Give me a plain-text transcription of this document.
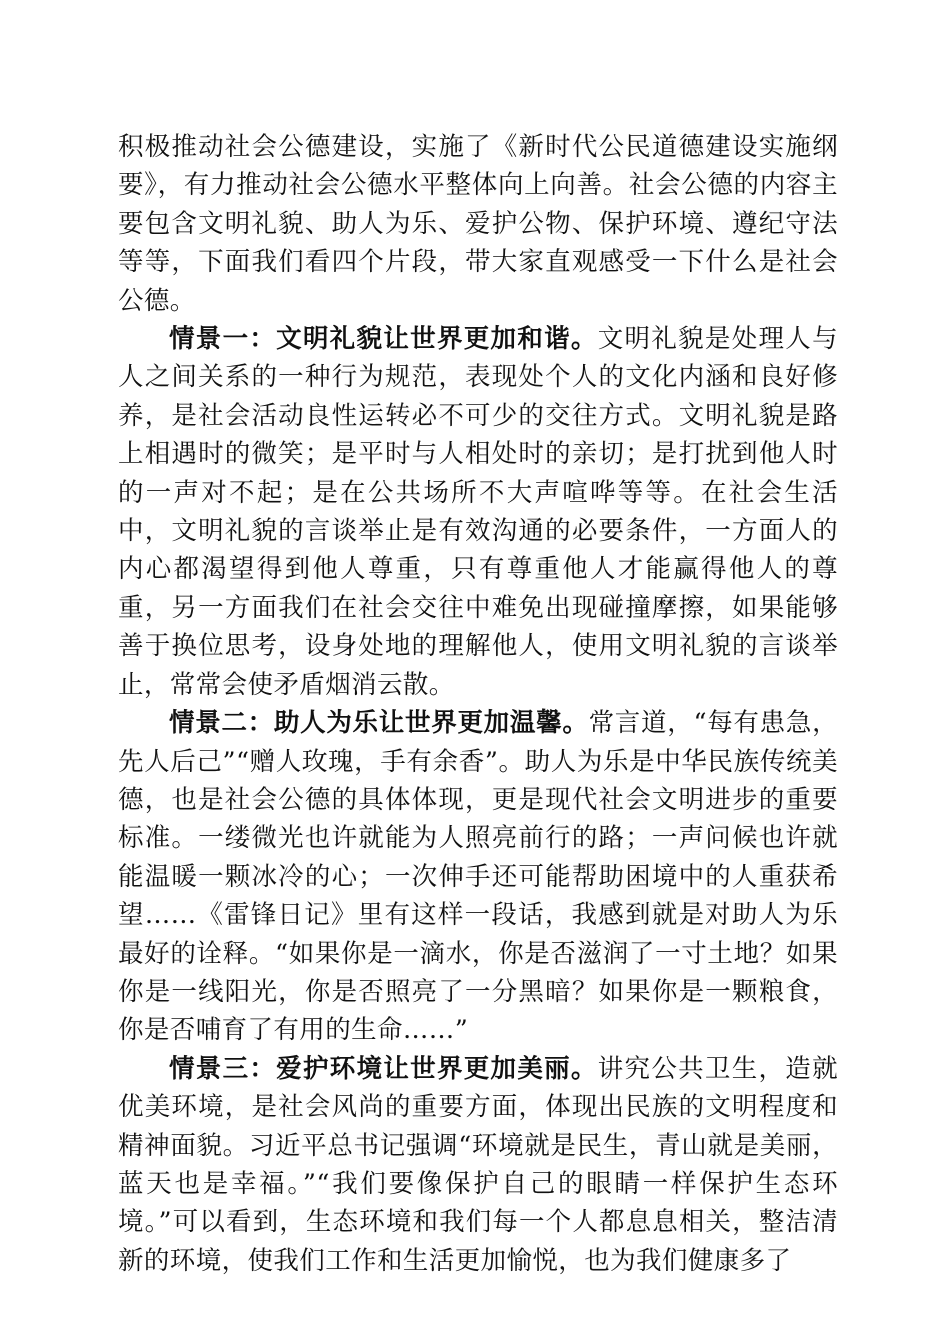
积极推动社会公德建设，实施了《新时代公民道德建设实施纲要》，有力推动社会公德水平整体向上向善。社会公德的内容主要包含文明礼貌、助人为乐、爱护公物、保护环境、遵纪守法等等，下面我们看四个片段，带大家直观感受一下什么是社会公德。

情景一：文明礼貌让世界更加和谐。文明礼貌是处理人与人之间关系的一种行为规范，表现处个人的文化内涵和良好修养，是社会活动良性运转必不可少的交往方式。文明礼貌是路上相遇时的微笑；是平时与人相处时的亲切；是打扰到他人时的一声对不起；是在公共场所不大声喧哗等等。在社会生活中，文明礼貌的言谈举止是有效沟通的必要条件，一方面人的内心都渴望得到他人尊重，只有尊重他人才能赢得他人的尊重，另一方面我们在社会交往中难免出现碰撞摩擦，如果能够善于换位思考，设身处地的理解他人，使用文明礼貌的言谈举止，常常会使矛盾烟消云散。

情景二：助人为乐让世界更加温馨。常言道，“每有患急，先人后己”“赠人玫瑰，手有余香”。助人为乐是中华民族传统美德，也是社会公德的具体体现，更是现代社会文明进步的重要标准。一缕微光也许就能为人照亮前行的路；一声问候也许就能温暖一颗冰冷的心；一次伸手还可能帮助困境中的人重获希望……《雷锋日记》里有这样一段话，我感到就是对助人为乐最好的诠释。“如果你是一滴水，你是否滋润了一寸土地？如果你是一线阳光，你是否照亮了一分黑暗？如果你是一颗粮食，你是否哺育了有用的生命……”

情景三：爱护环境让世界更加美丽。讲究公共卫生，造就优美环境，是社会风尚的重要方面，体现出民族的文明程度和精神面貌。习近平总书记强调“环境就是民生，青山就是美丽，蓝天也是幸福。”“我们要像保护自己的眼睛一样保护生态环境。”可以看到，生态环境和我们每一个人都息息相关，整洁清新的环境，使我们工作和生活更加愉悦，也为我们健康多了
